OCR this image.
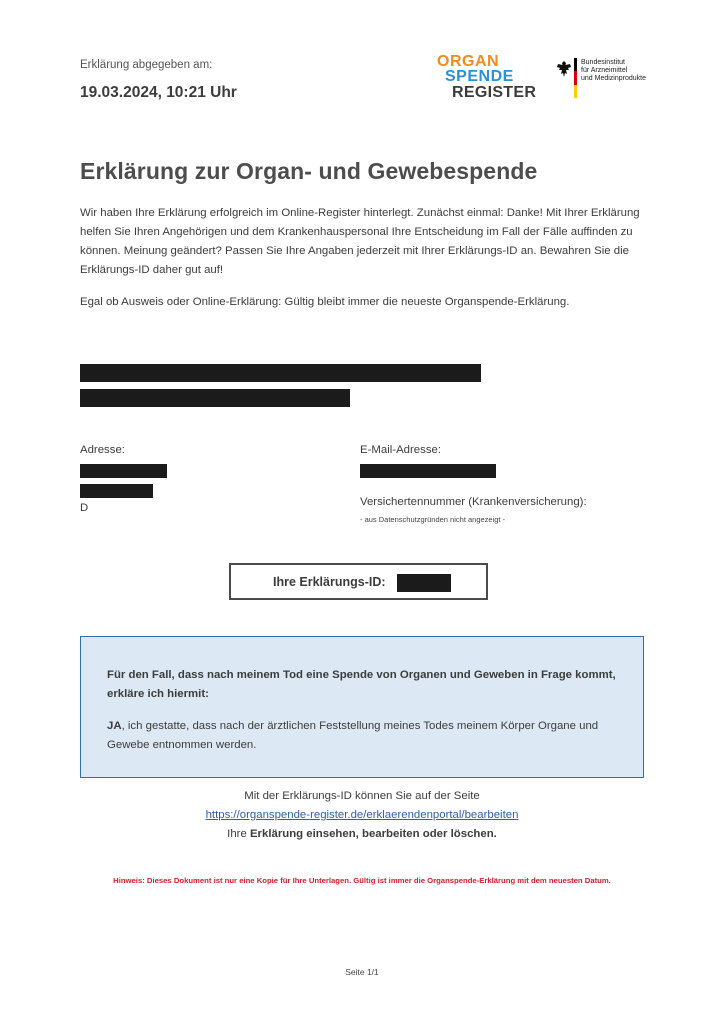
Erklärung abgegeben am:
19.03.2024, 10:21 Uhr
ORGAN
SPENDE
REGISTER
Bundesinstitut
für Arzneimittel
und Medizinprodukte
Erklärung zur Organ- und Gewebespende

Wir haben Ihre Erklärung erfolgreich im Online-Register hinterlegt. Zunächst einmal: Danke! Mit Ihrer Erklärung helfen Sie Ihren Angehörigen und dem Krankenhauspersonal Ihre Entscheidung im Fall der Fälle auffinden zu können. Meinung geändert? Passen Sie Ihre Angaben jederzeit mit Ihrer Erklärungs-ID an. Bewahren Sie die Erklärungs-ID daher gut auf!

Egal ob Ausweis oder Online-Erklärung: Gültig bleibt immer die neueste Organspende-Erklärung.

Adresse:
D
E-Mail-Adresse:
Versichertennummer (Krankenversicherung):
- aus Datenschutzgründen nicht angezeigt -
Ihre Erklärungs-ID:

Für den Fall, dass nach meinem Tod eine Spende von Organen und Geweben in Frage kommt, erkläre ich hiermit:

JA, ich gestatte, dass nach der ärztlichen Feststellung meines Todes meinem Körper Organe und Gewebe entnommen werden.

Mit der Erklärungs-ID können Sie auf der Seite
https://organspende-register.de/erklaerendenportal/bearbeiten
Ihre Erklärung einsehen, bearbeiten oder löschen.
Hinweis: Dieses Dokument ist nur eine Kopie für Ihre Unterlagen. Gültig ist immer die Organspende-Erklärung mit dem neuesten Datum.
Seite 1/1
